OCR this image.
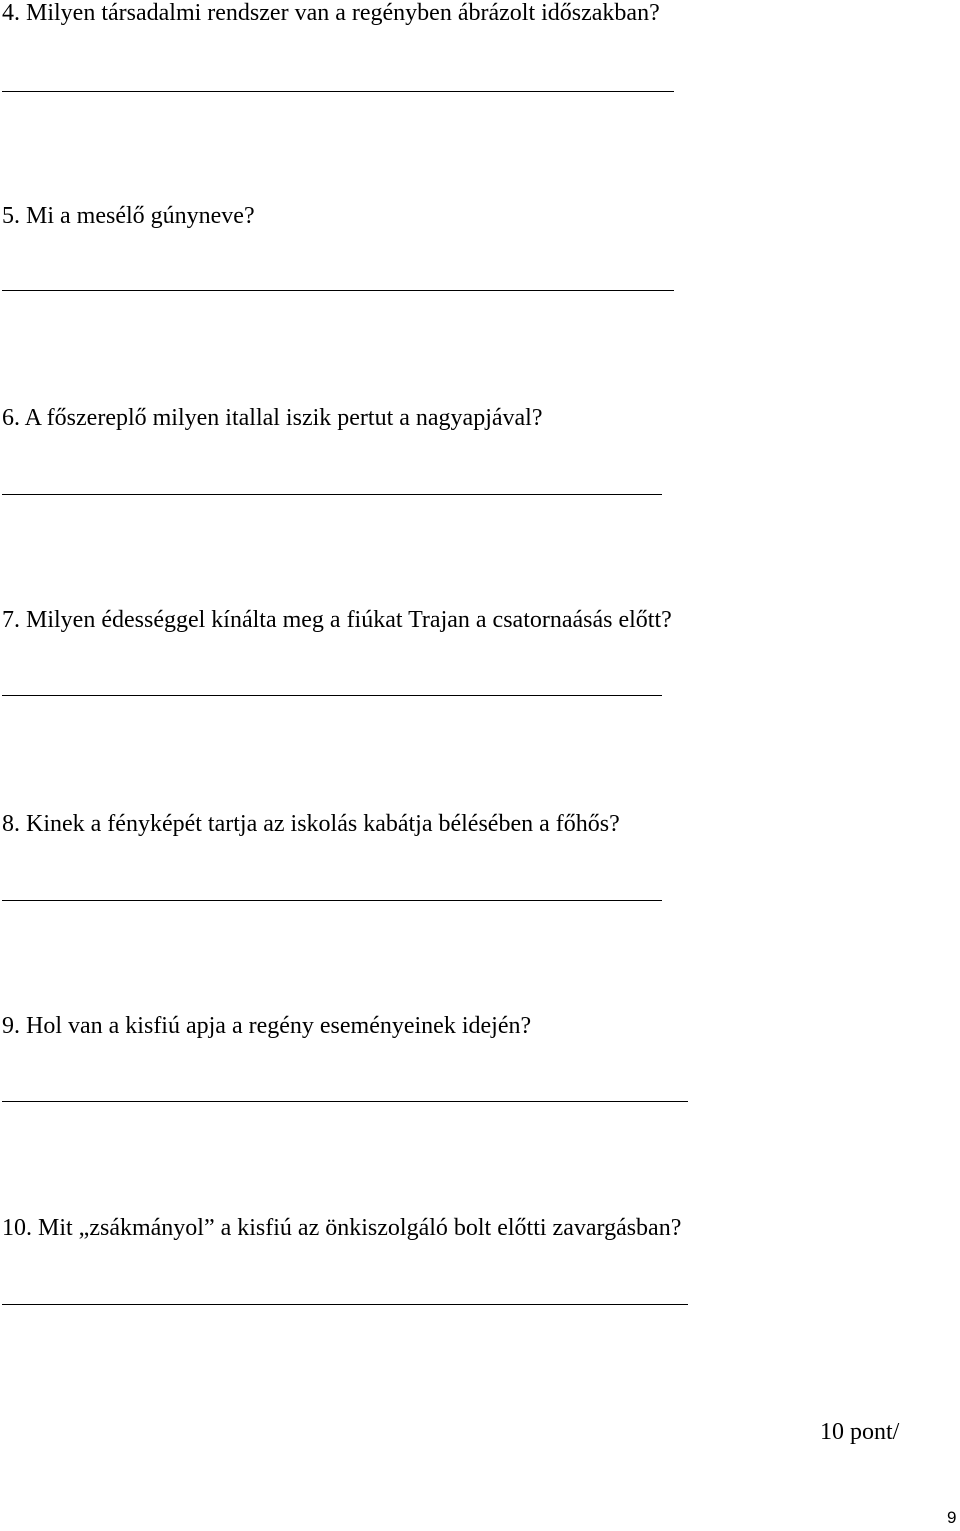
4. Milyen társadalmi rendszer van a regényben ábrázolt időszakban?

5. Mi a mesélő gúnyneve?

6. A főszereplő milyen itallal iszik pertut a nagyapjával?

7. Milyen édességgel kínálta meg a fiúkat Trajan a csatornaásás előtt?

8. Kinek a fényképét tartja az iskolás kabátja bélésében a főhős?

9. Hol van a kisfiú apja a regény eseményeinek idején?

10. Mit „zsákmányol” a kisfiú az önkiszolgáló bolt előtti zavargásban?

10 pont/
9
